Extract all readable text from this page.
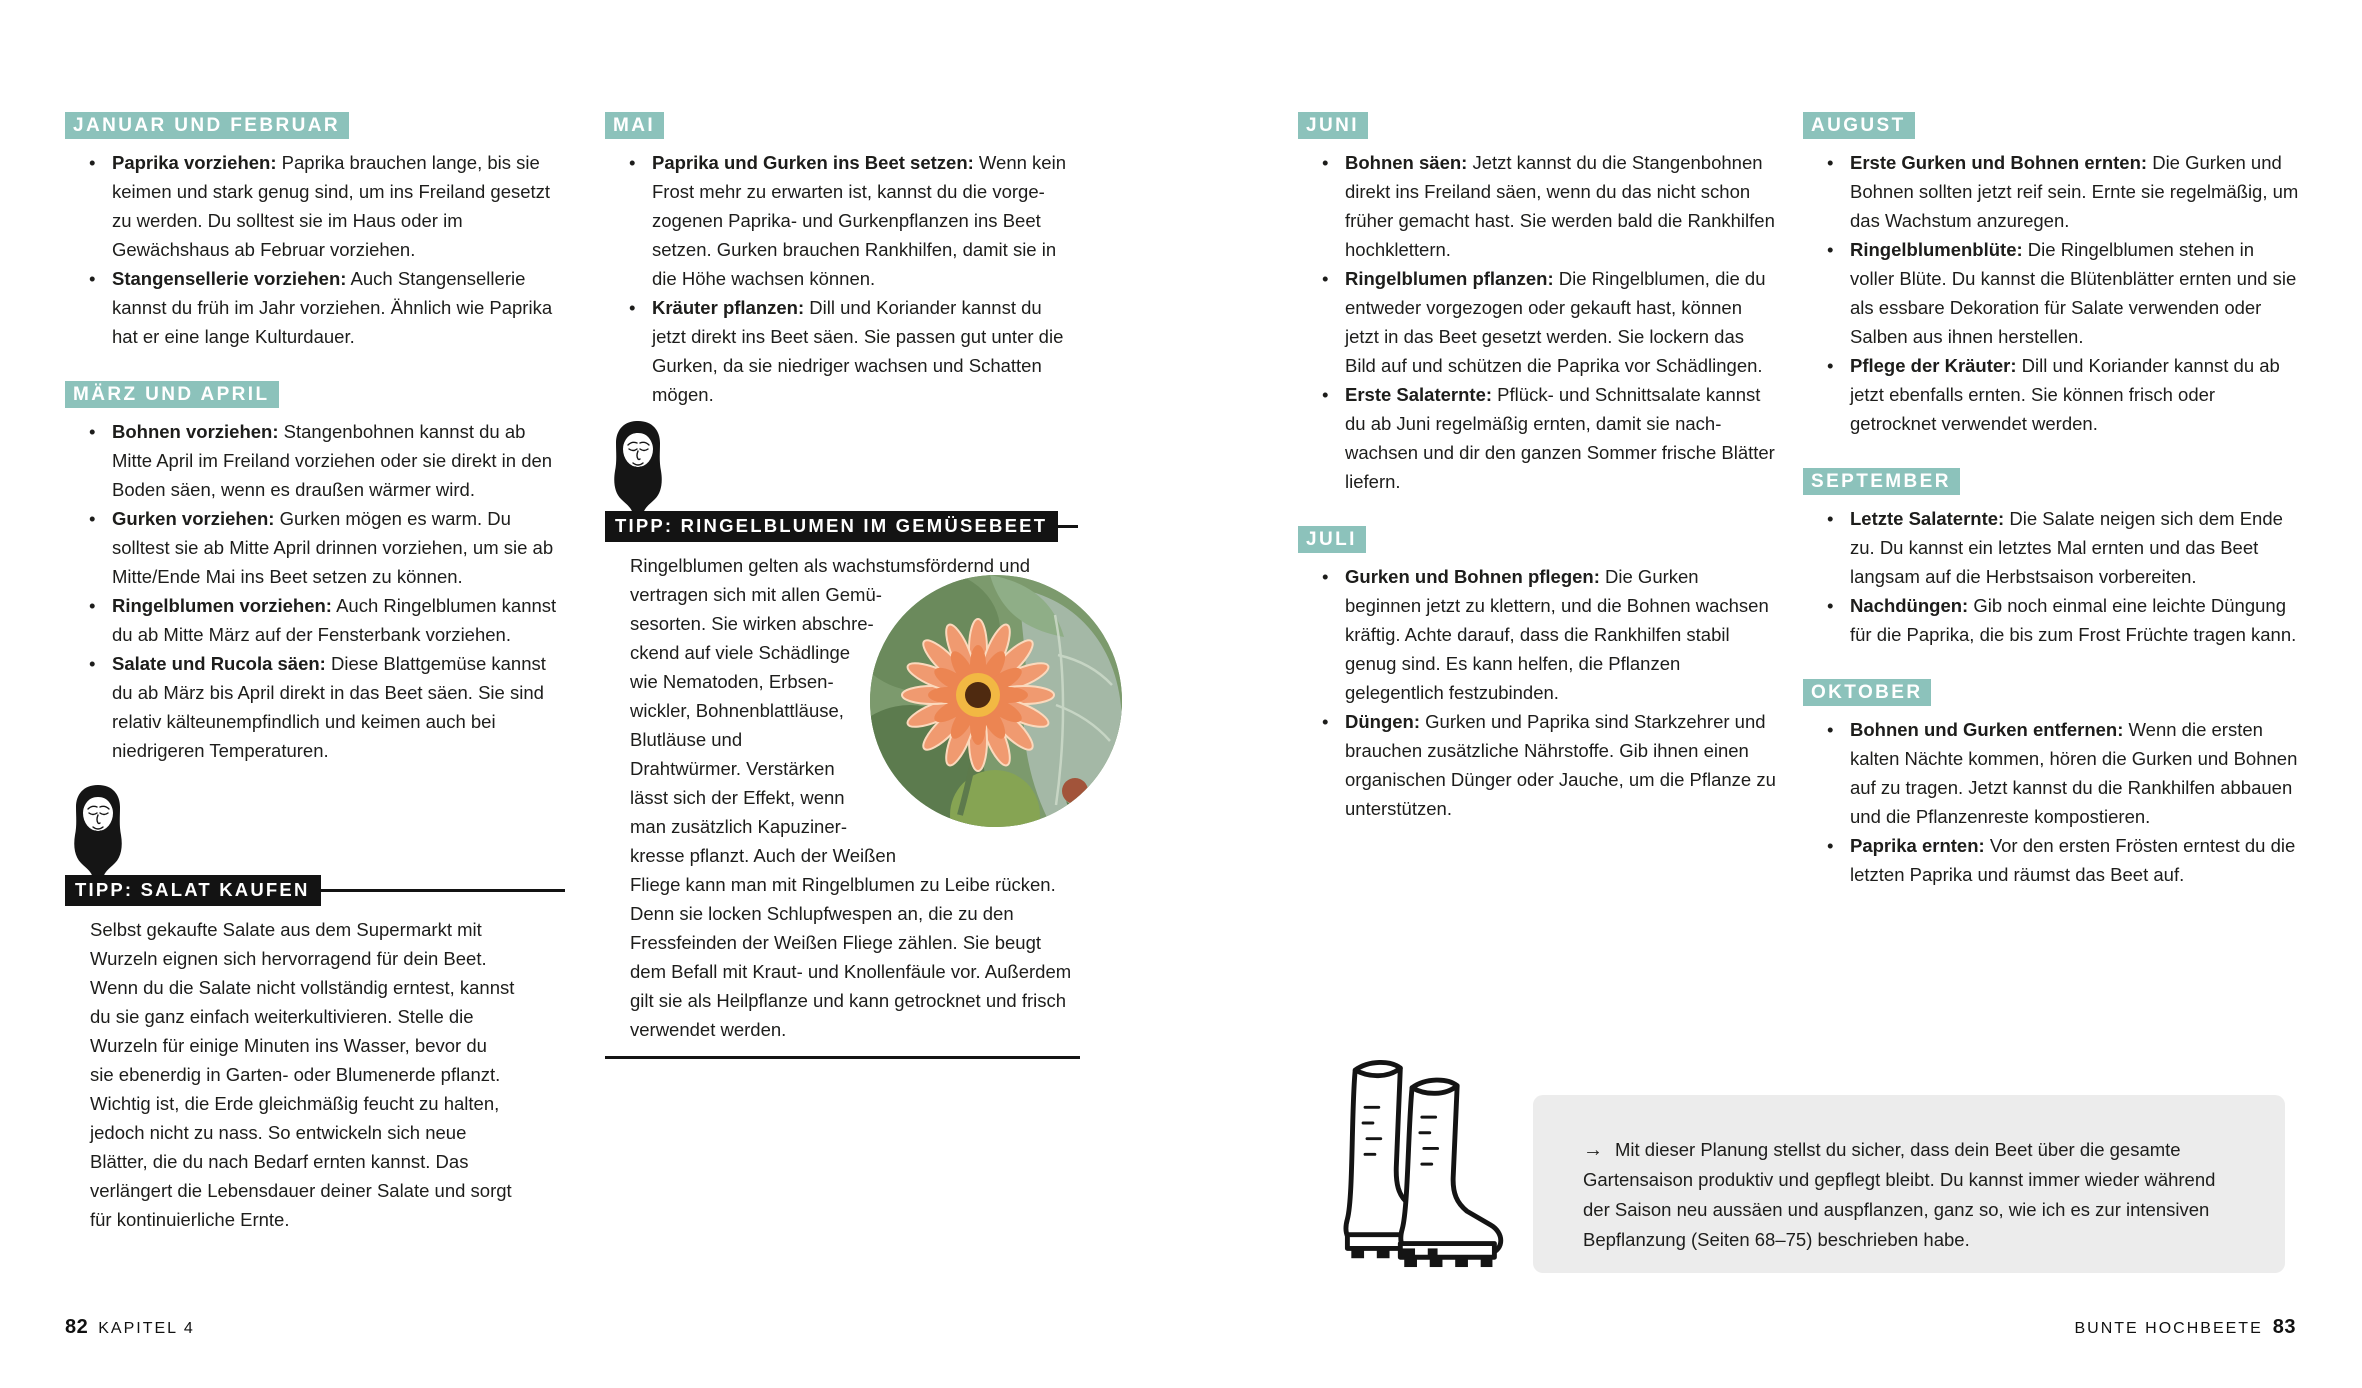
JANUAR UND FEBRUAR
• Paprika vorziehen: Paprika brauchen lange, bis sie keimen und stark genug sind, um ins Freiland gesetzt zu werden. Du solltest sie im Haus oder im Gewächshaus ab Februar vorziehen.
• Stangensellerie vorziehen: Auch Stangensellerie kannst du früh im Jahr vorziehen. Ähnlich wie Paprika hat er eine lange Kulturdauer.
MÄRZ UND APRIL
• Bohnen vorziehen: Stangenbohnen kannst du ab Mitte April im Freiland vorziehen oder sie direkt in den Boden säen, wenn es draußen wärmer wird.
• Gurken vorziehen: Gurken mögen es warm. Du solltest sie ab Mitte April drinnen vorziehen, um sie ab Mitte/Ende Mai ins Beet setzen zu können.
• Ringelblumen vorziehen: Auch Ringelblumen kannst du ab Mitte März auf der Fensterbank vorziehen.
• Salate und Rucola säen: Diese Blattgemüse kannst du ab März bis April direkt in das Beet säen. Sie sind relativ kälteunempfindlich und keimen auch bei niedrigeren Temperaturen.
TIPP: SALAT KAUFEN

Selbst gekaufte Salate aus dem Supermarkt mit Wurzeln eignen sich hervorragend für dein Beet. Wenn du die Salate nicht vollständig erntest, kannst du sie ganz einfach weiterkultivieren. Stelle die Wurzeln für einige Minuten ins Wasser, bevor du sie ebenerdig in Garten- oder Blumenerde pflanzt. Wichtig ist, die Erde gleichmäßig feucht zu halten, jedoch nicht zu nass. So entwickeln sich neue Blätter, die du nach Bedarf ernten kannst. Das verlängert die Lebensdauer deiner Salate und sorgt für kontinuierliche Ernte.

MAI
• Paprika und Gurken ins Beet setzen: Wenn kein Frost mehr zu erwarten ist, kannst du die vorgezogenen Paprika- und Gurkenpflanzen ins Beet setzen. Gurken brauchen Rankhilfen, damit sie in die Höhe wachsen können.
• Kräuter pflanzen: Dill und Koriander kannst du jetzt direkt ins Beet säen. Sie passen gut unter die Gurken, da sie niedriger wachsen und Schatten mögen.
TIPP: RINGELBLUMEN IM GEMÜSEBEET

Ringelblumen gelten als wachstumsfördernd und vertragen sich mit allen Gemüsesorten. Sie wirken abschreckend auf viele Schädlinge wie Nematoden, Erbsenwickler, Bohnenblattläuse, Blutläuse und Drahtwürmer. Verstärken lässt sich der Effekt, wenn man zusätzlich Kapuzinerkresse pflanzt. Auch der Weißen Fliege kann man mit Ringelblumen zu Leibe rücken. Denn sie locken Schlupfwespen an, die zu den Fressfeinden der Weißen Fliege zählen. Sie beugt dem Befall mit Kraut- und Knollenfäule vor. Außerdem gilt sie als Heilpflanze und kann getrocknet und frisch verwendet werden.

JUNI
• Bohnen säen: Jetzt kannst du die Stangenbohnen direkt ins Freiland säen, wenn du das nicht schon früher gemacht hast. Sie werden bald die Rankhilfen hochklettern.
• Ringelblumen pflanzen: Die Ringelblumen, die du entweder vorgezogen oder gekauft hast, können jetzt in das Beet gesetzt werden. Sie lockern das Bild auf und schützen die Paprika vor Schädlingen.
• Erste Salaternte: Pflück- und Schnittsalate kannst du ab Juni regelmäßig ernten, damit sie nachwachsen und dir den ganzen Sommer frische Blätter liefern.
JULI
• Gurken und Bohnen pflegen: Die Gurken beginnen jetzt zu klettern, und die Bohnen wachsen kräftig. Achte darauf, dass die Rankhilfen stabil genug sind. Es kann helfen, die Pflanzen gelegentlich festzubinden.
• Düngen: Gurken und Paprika sind Starkzehrer und brauchen zusätzliche Nährstoffe. Gib ihnen einen organischen Dünger oder Jauche, um die Pflanze zu unterstützen.
AUGUST
• Erste Gurken und Bohnen ernten: Die Gurken und Bohnen sollten jetzt reif sein. Ernte sie regelmäßig, um das Wachstum anzuregen.
• Ringelblumenblüte: Die Ringelblumen stehen in voller Blüte. Du kannst die Blütenblätter ernten und sie als essbare Dekoration für Salate verwenden oder Salben aus ihnen herstellen.
• Pflege der Kräuter: Dill und Koriander kannst du ab jetzt ebenfalls ernten. Sie können frisch oder getrocknet verwendet werden.
SEPTEMBER
• Letzte Salaternte: Die Salate neigen sich dem Ende zu. Du kannst ein letztes Mal ernten und das Beet langsam auf die Herbstsaison vorbereiten.
• Nachdüngen: Gib noch einmal eine leichte Düngung für die Paprika, die bis zum Frost Früchte tragen kann.
OKTOBER
• Bohnen und Gurken entfernen: Wenn die ersten kalten Nächte kommen, hören die Gurken und Bohnen auf zu tragen. Jetzt kannst du die Rankhilfen abbauen und die Pflanzenreste kompostieren.
• Paprika ernten: Vor den ersten Frösten erntest du die letzten Paprika und räumst das Beet auf.

→ Mit dieser Planung stellst du sicher, dass dein Beet über die gesamte Gartensaison produktiv und gepflegt bleibt. Du kannst immer wieder während der Saison neu aussäen und auspflanzen, ganz so, wie ich es zur intensiven Bepflanzung (Seiten 68–75) beschrieben habe.

82 KAPITEL 4	BUNTE HOCHBEETE 83
